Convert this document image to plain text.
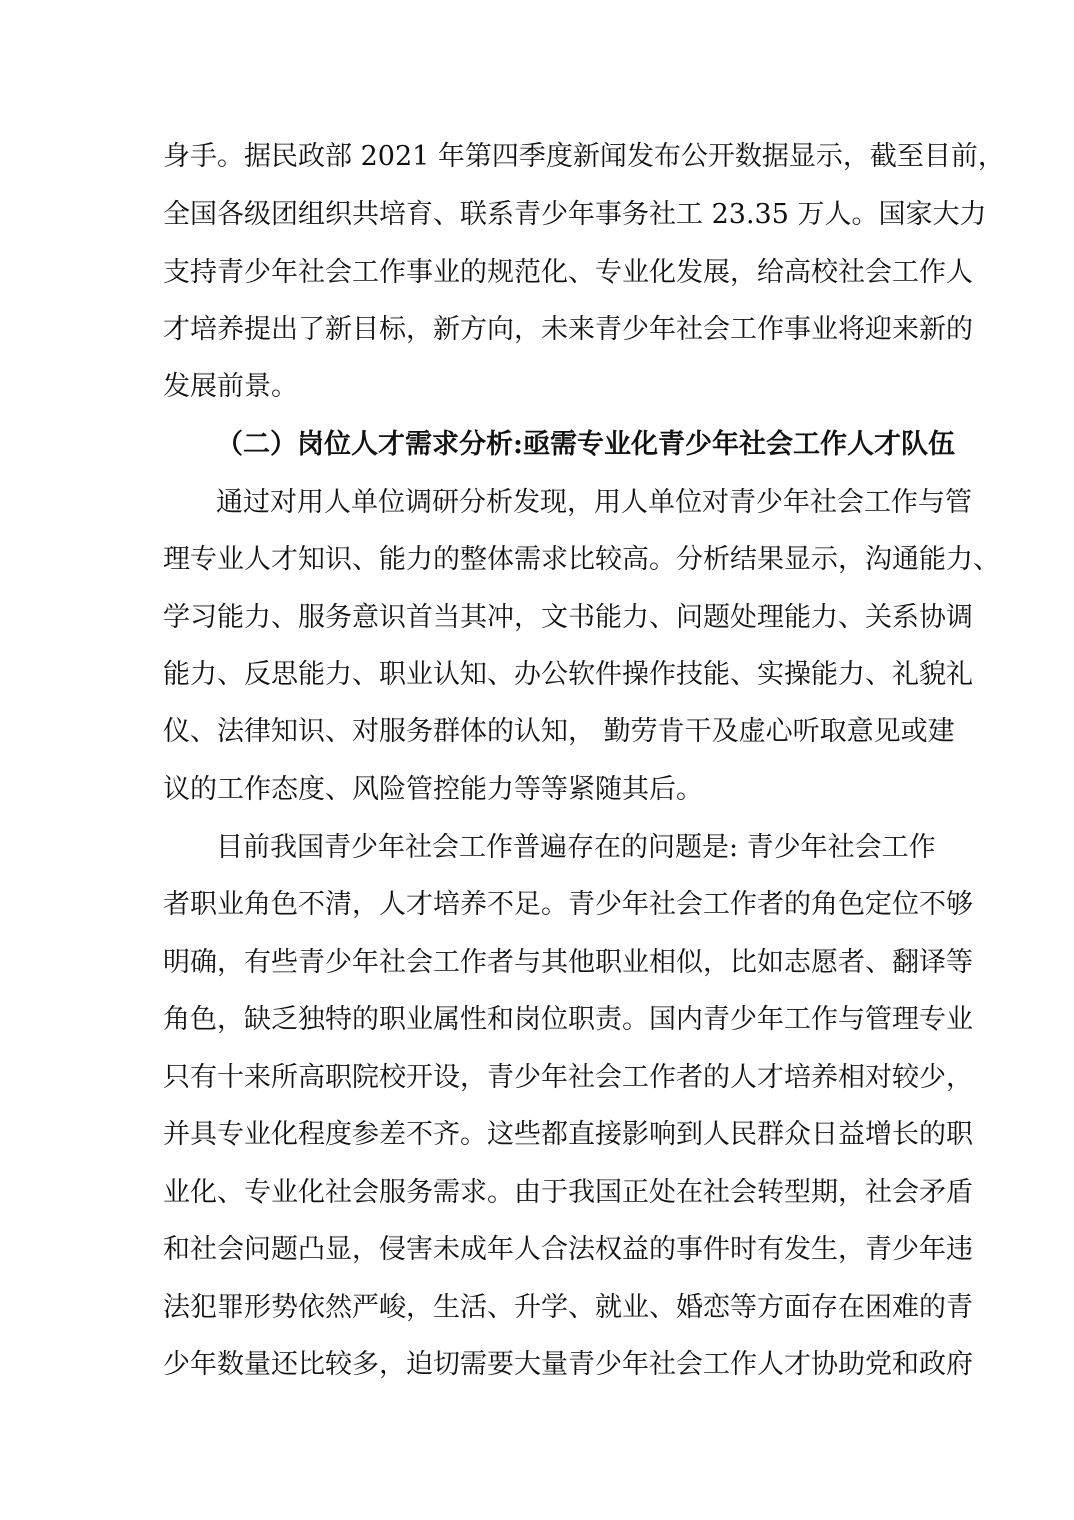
身手。据民政部 2021 年第四季度新闻发布公开数据显示，截至目前，
全国各级团组织共培育、联系青少年事务社工 23.35 万人。国家大力
支持青少年社会工作事业的规范化、专业化发展，给高校社会工作人
才培养提出了新目标，新方向，未来青少年社会工作事业将迎来新的
发展前景。
（二）岗位人才需求分析:亟需专业化青少年社会工作人才队伍
通过对用人单位调研分析发现，用人单位对青少年社会工作与管
理专业人才知识、能力的整体需求比较高。分析结果显示，沟通能力、
学习能力、服务意识首当其冲，文书能力、问题处理能力、关系协调
能力、反思能力、职业认知、办公软件操作技能、实操能力、礼貌礼
仪、法律知识、对服务群体的认知， 勤劳肯干及虚心听取意见或建
议的工作态度、风险管控能力等等紧随其后。
目前我国青少年社会工作普遍存在的问题是: 青少年社会工作
者职业角色不清，人才培养不足。青少年社会工作者的角色定位不够
明确，有些青少年社会工作者与其他职业相似，比如志愿者、翻译等
角色，缺乏独特的职业属性和岗位职责。国内青少年工作与管理专业
只有十来所高职院校开设，青少年社会工作者的人才培养相对较少，
并具专业化程度参差不齐。这些都直接影响到人民群众日益增长的职
业化、专业化社会服务需求。由于我国正处在社会转型期，社会矛盾
和社会问题凸显，侵害未成年人合法权益的事件时有发生，青少年违
法犯罪形势依然严峻，生活、升学、就业、婚恋等方面存在困难的青
少年数量还比较多，迫切需要大量青少年社会工作人才协助党和政府
